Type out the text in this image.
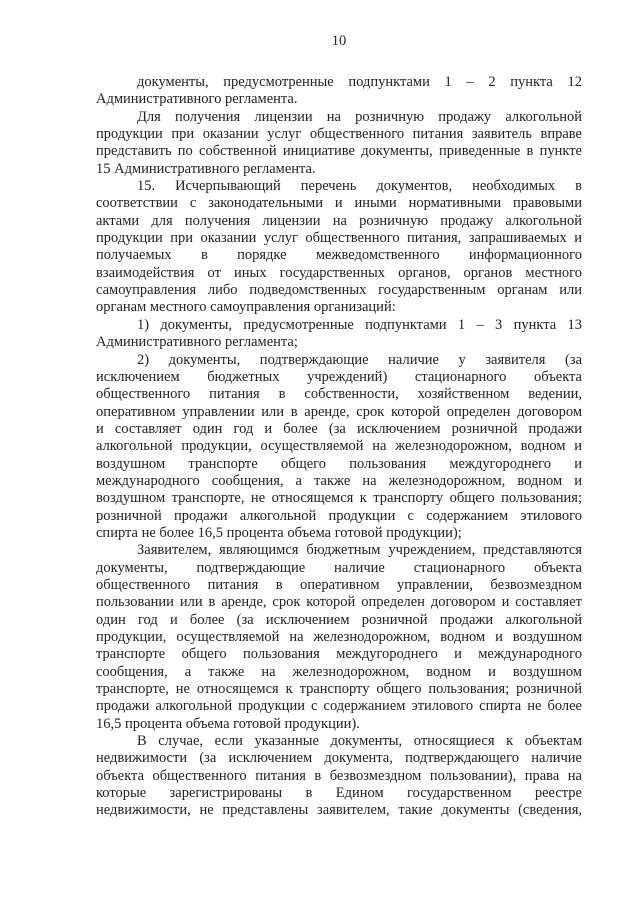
10
документы, предусмотренные подпунктами 1 – 2 пункта 12
Административного регламента.
Для получения лицензии на розничную продажу алкогольной
продукции при оказании услуг общественного питания заявитель вправе
представить по собственной инициативе документы, приведенные в пункте
15 Административного регламента.
15. Исчерпывающий перечень документов, необходимых в
соответствии с законодательными и иными нормативными правовыми
актами для получения лицензии на розничную продажу алкогольной
продукции при оказании услуг общественного питания, запрашиваемых и
получаемых в порядке межведомственного информационного
взаимодействия от иных государственных органов, органов местного
самоуправления либо подведомственных государственным органам или
органам местного самоуправления организаций:
1) документы, предусмотренные подпунктами 1 – 3 пункта 13
Административного регламента;
2) документы, подтверждающие наличие у заявителя (за
исключением бюджетных учреждений) стационарного объекта
общественного питания в собственности, хозяйственном ведении,
оперативном управлении или в аренде, срок которой определен договором
и составляет один год и более (за исключением розничной продажи
алкогольной продукции, осуществляемой на железнодорожном, водном и
воздушном транспорте общего пользования междугороднего и
международного сообщения, а также на железнодорожном, водном и
воздушном транспорте, не относящемся к транспорту общего пользования;
розничной продажи алкогольной продукции с содержанием этилового
спирта не более 16,5 процента объема готовой продукции);
Заявителем, являющимся бюджетным учреждением, представляются
документы, подтверждающие наличие стационарного объекта
общественного питания в оперативном управлении, безвозмездном
пользовании или в аренде, срок которой определен договором и составляет
один год и более (за исключением розничной продажи алкогольной
продукции, осуществляемой на железнодорожном, водном и воздушном
транспорте общего пользования междугороднего и международного
сообщения, а также на железнодорожном, водном и воздушном
транспорте, не относящемся к транспорту общего пользования; розничной
продажи алкогольной продукции с содержанием этилового спирта не более
16,5 процента объема готовой продукции).
В случае, если указанные документы, относящиеся к объектам
недвижимости (за исключением документа, подтверждающего наличие
объекта общественного питания в безвозмездном пользовании), права на
которые зарегистрированы в Едином государственном реестре
недвижимости, не представлены заявителем, такие документы (сведения,
